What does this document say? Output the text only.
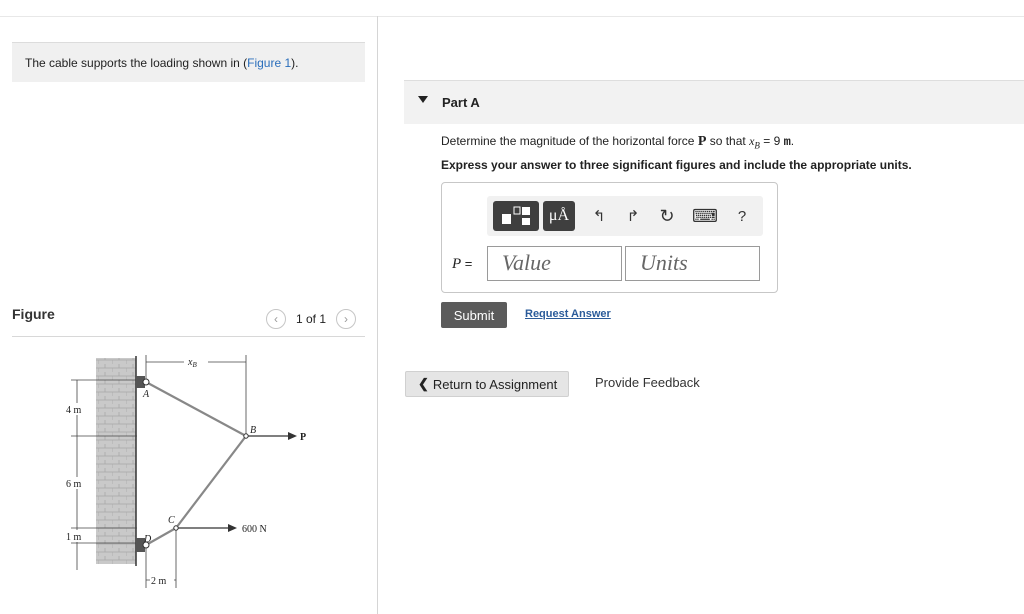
The cable supports the loading shown in (Figure 1).
Figure	‹ 1 of 1 ›
$x_B$
4 m
6 m
1 m
2 m
A
B
C
D
P
600 N
Part A
Determine the magnitude of the horizontal force P so that $x_B = 9$ m.
Express your answer to three significant figures and include the appropriate units.
μÅ ↰ ↱ ↻ ⌨ ?
P =	Value	Units
Submit	Request Answer
❮ Return to Assignment	Provide Feedback
